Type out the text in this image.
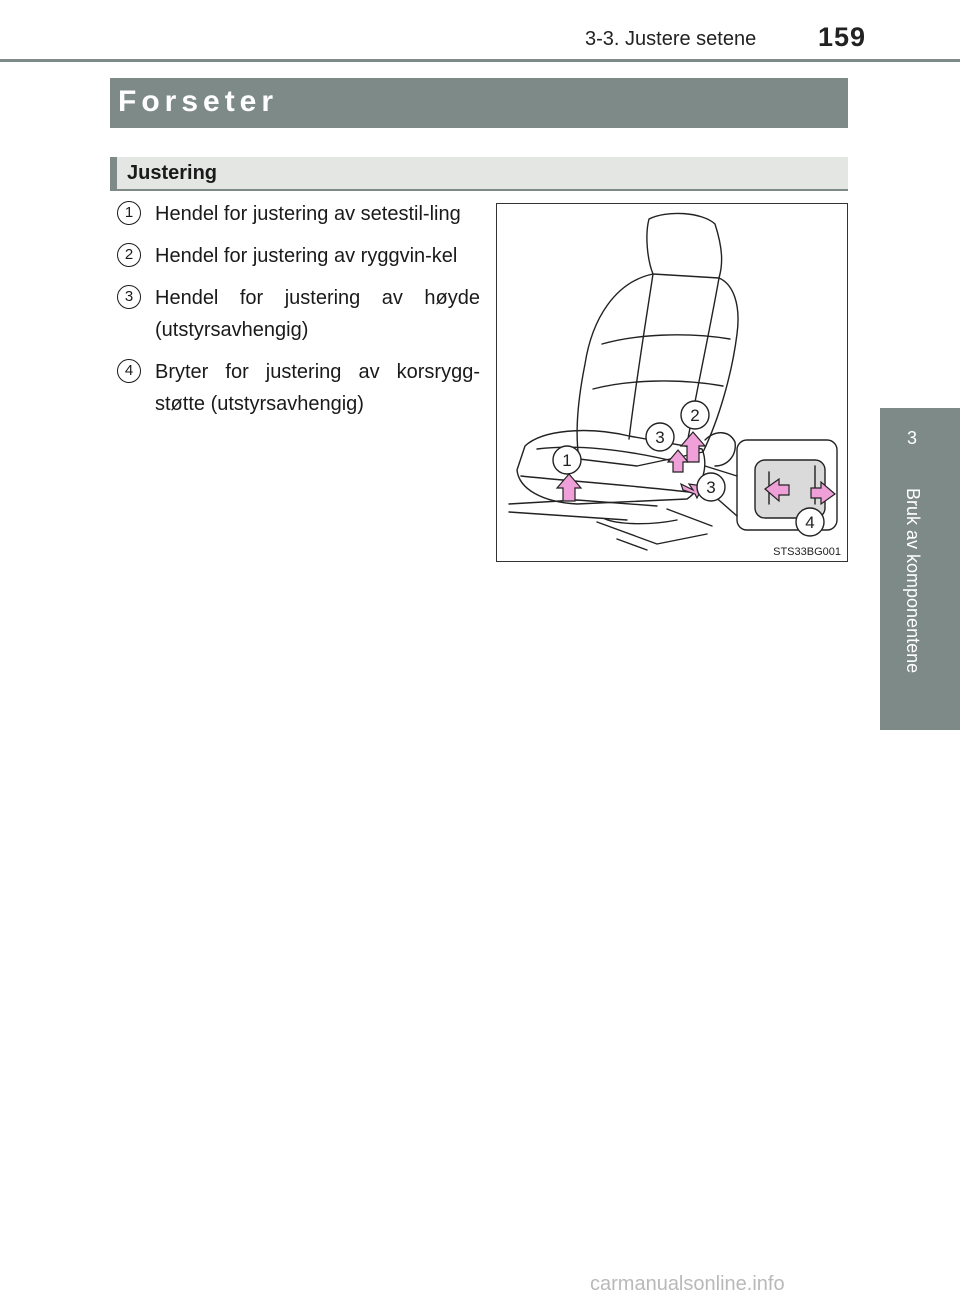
3-3. Justere setene 159
3
Bruk av komponentene
Forseter
Justering
1	Hendel for justering av setestil-ling
2	Hendel for justering av ryggvin-kel
3	Hendel for justering av høyde (utstyrsavhengig)
4	Bryter for justering av korsrygg-støtte (utstyrsavhengig)
1
2
3
3
4
STS33BG001
carmanualsonline.info
